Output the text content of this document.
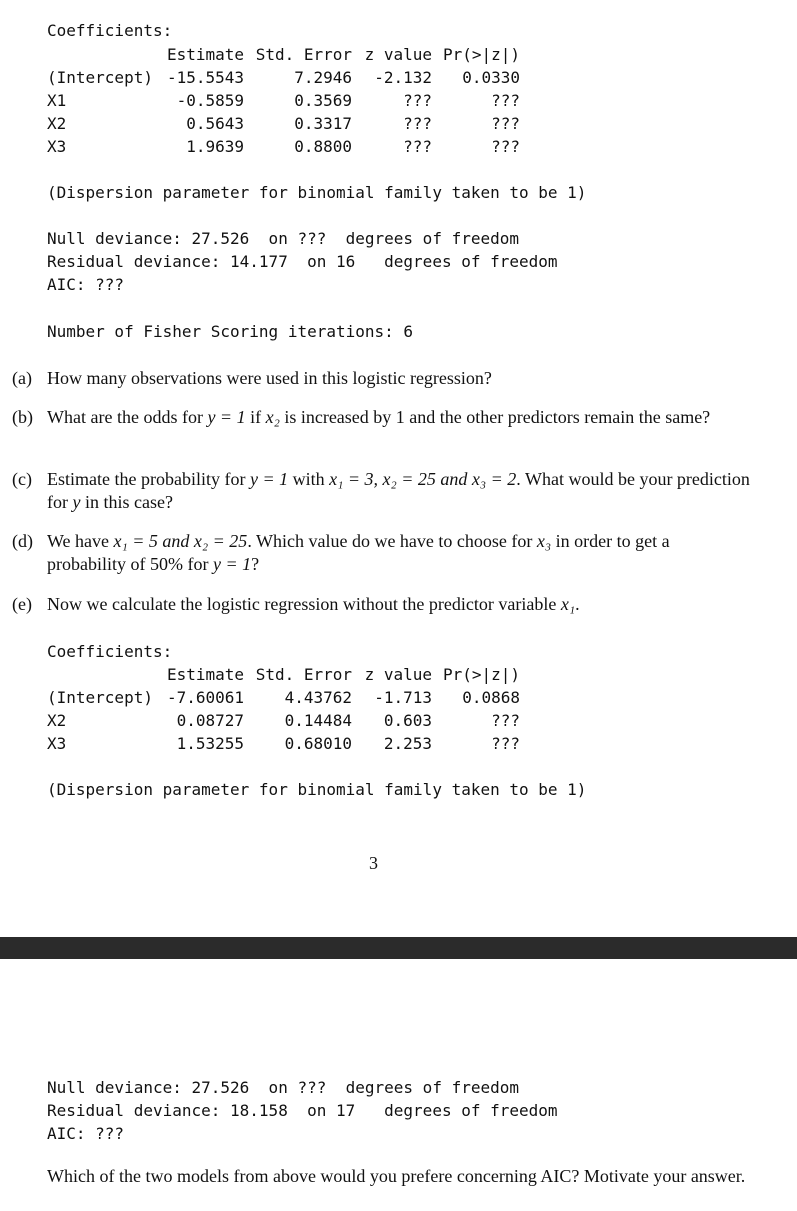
Coefficients:
	Estimate	Std. Error	z value	Pr(>|z|)
(Intercept)	-15.5543	7.2946	-2.132	0.0330
X1	-0.5859	0.3569	???	???
X2	0.5643	0.3317	???	???
X3	1.9639	0.8800	???	???
(Dispersion parameter for binomial family taken to be 1)
Null deviance: 27.526  on ???  degrees of freedom
Residual deviance: 14.177  on 16   degrees of freedom
AIC: ???
Number of Fisher Scoring iterations: 6
(a) How many observations were used in this logistic regression?
(b) What are the odds for y = 1 if x₂ is increased by 1 and the other predictors remain the same?
(c) Estimate the probability for y = 1 with x₁ = 3, x₂ = 25 and x₃ = 2. What would be your prediction for y in this case?
(d) We have x₁ = 5 and x₂ = 25. Which value do we have to choose for x₃ in order to get a probability of 50% for y = 1?
(e) Now we calculate the logistic regression without the predictor variable x₁.
Coefficients:
	Estimate	Std. Error	z value	Pr(>|z|)
(Intercept)	-7.60061	4.43762	-1.713	0.0868
X2	0.08727	0.14484	0.603	???
X3	1.53255	0.68010	2.253	???
(Dispersion parameter for binomial family taken to be 1)
3
Null deviance: 27.526  on ???  degrees of freedom
Residual deviance: 18.158  on 17   degrees of freedom
AIC: ???
Which of the two models from above would you prefere concerning AIC? Motivate your answer.
